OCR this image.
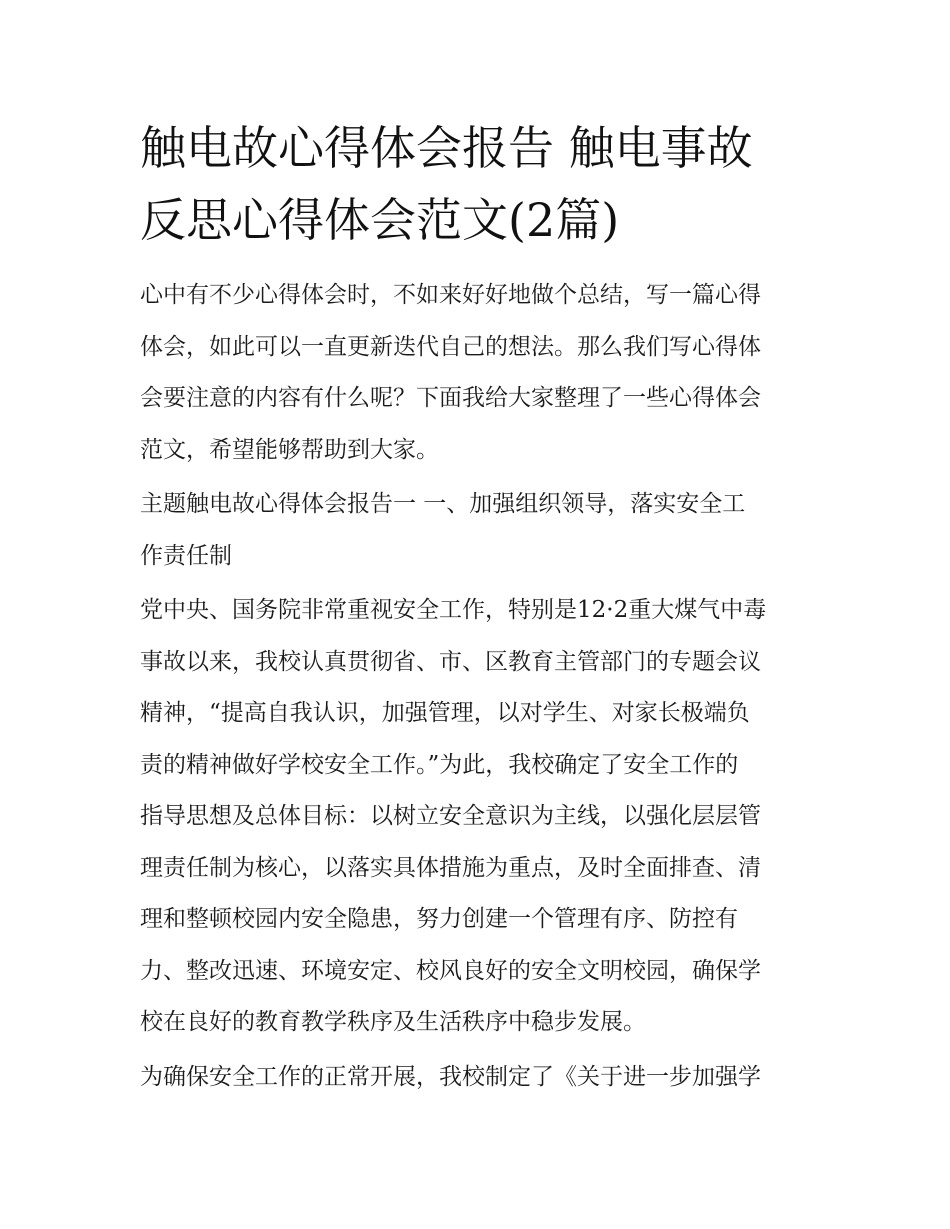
触电故心得体会报告 触电事故
反思心得体会范文(2篇)
心中有不少心得体会时，不如来好好地做个总结，写一篇心得
体会，如此可以一直更新迭代自己的想法。那么我们写心得体
会要注意的内容有什么呢？下面我给大家整理了一些心得体会
范文，希望能够帮助到大家。
主题触电故心得体会报告一 一、加强组织领导，落实安全工
作责任制
党中央、国务院非常重视安全工作，特别是12·2重大煤气中毒
事故以来，我校认真贯彻省、市、区教育主管部门的专题会议
精神，“提高自我认识，加强管理，以对学生、对家长极端负
责的精神做好学校安全工作。”为此，我校确定了安全工作的
指导思想及总体目标：以树立安全意识为主线，以强化层层管
理责任制为核心，以落实具体措施为重点，及时全面排查、清
理和整顿校园内安全隐患，努力创建一个管理有序、防控有
力、整改迅速、环境安定、校风良好的安全文明校园，确保学
校在良好的教育教学秩序及生活秩序中稳步发展。
为确保安全工作的正常开展，我校制定了《关于进一步加强学
